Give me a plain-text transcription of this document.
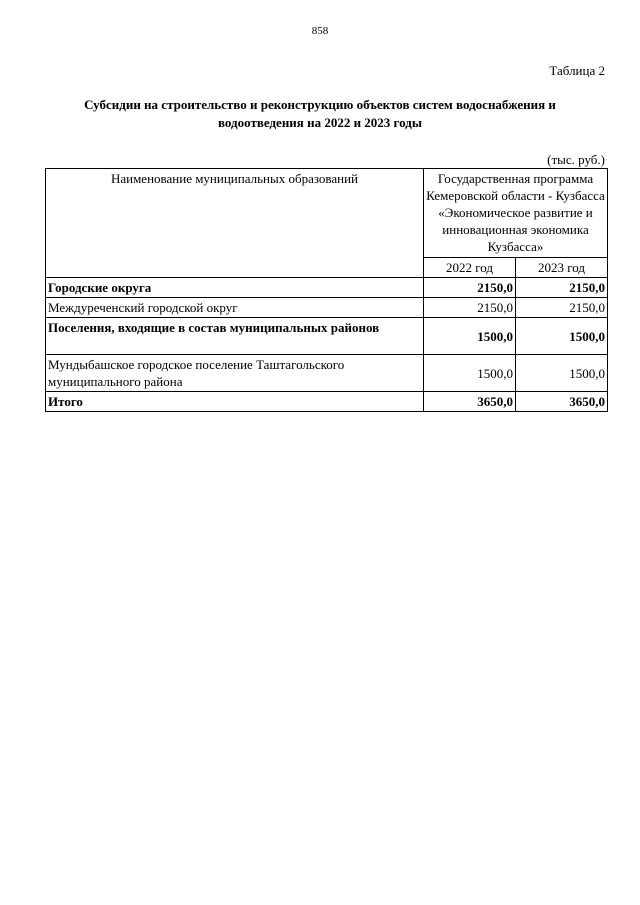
858
Таблица 2
Субсидии на строительство и реконструкцию объектов систем водоснабжения и
водоотведения на 2022 и 2023 годы
(тыс. руб.)
Наименование муниципальных образований	Государственная программа Кемеровской области - Кузбасса «Экономическое развитие и инновационная экономика Кузбасса»	
	2022 год	2023 год
Городские округа	2150,0	2150,0
Междуреченский городской округ	2150,0	2150,0
Поселения, входящие в состав муниципальных районов	1500,0	1500,0
Мундыбашское городское поселение Таштагольского муниципального района	1500,0	1500,0
Итого	3650,0	3650,0
